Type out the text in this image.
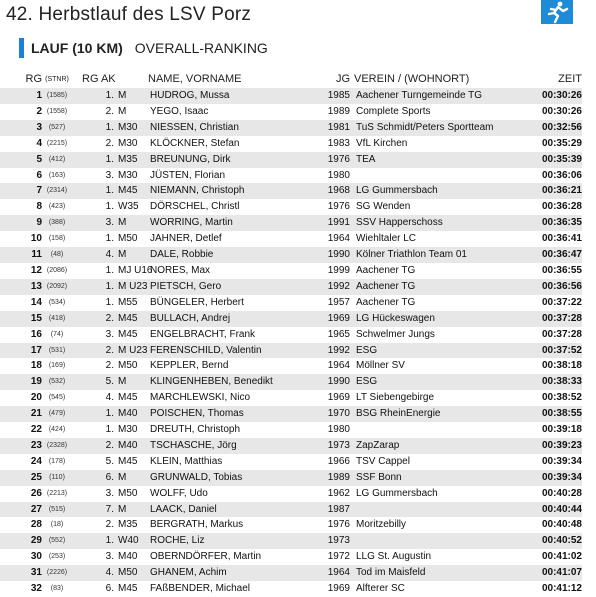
42. Herbstlauf des LSV Porz
LAUF (10 KM) OVERALL-RANKING
RG	(STNR)	RG AK		NAME, VORNAME	JG	VEREIN / (WOHNORT)	ZEIT
1	(1585)	1.	M	HUDROG, Mussa	1985	Aachener Turngemeinde TG	00:30:26
2	(1558)	2.	M	YEGO, Isaac	1989	Complete Sports	00:30:26
3	(527)	1.	M30	NIESSEN, Christian	1981	TuS Schmidt/Peters Sportteam	00:32:56
4	(2215)	2.	M30	KLÖCKNER, Stefan	1983	VfL Kirchen	00:35:29
5	(412)	1.	M35	BREUNUNG, Dirk	1976	TEA	00:35:39
6	(163)	3.	M30	JÜSTEN, Florian	1980		00:36:06
7	(2314)	1.	M45	NIEMANN, Christoph	1968	LG Gummersbach	00:36:21
8	(423)	1.	W35	DÖRSCHEL, Christl	1976	SG Wenden	00:36:28
9	(388)	3.	M	WORRING, Martin	1991	SSV Happerschoss	00:36:35
10	(158)	1.	M50	JAHNER, Detlef	1964	Wiehltaler LC	00:36:41
11	(48)	4.	M	DALE, Robbie	1990	Kölner Triathlon Team 01	00:36:47
12	(2086)	1.	MJ U16	NORES, Max	1999	Aachener TG	00:36:55
13	(2092)	1.	M U23	PIETSCH, Gero	1992	Aachener TG	00:36:56
14	(534)	1.	M55	BÜNGELER, Herbert	1957	Aachener TG	00:37:22
15	(418)	2.	M45	BULLACH, Andrej	1969	LG Hückeswagen	00:37:28
16	(74)	3.	M45	ENGELBRACHT, Frank	1965	Schwelmer Jungs	00:37:28
17	(531)	2.	M U23	FERENSCHILD, Valentin	1992	ESG	00:37:52
18	(169)	2.	M50	KEPPLER, Bernd	1964	Möllner SV	00:38:18
19	(532)	5.	M	KLINGENHEBEN, Benedikt	1990	ESG	00:38:33
20	(545)	4.	M45	MARCHLEWSKI, Nico	1969	LT Siebengebirge	00:38:52
21	(479)	1.	M40	POISCHEN, Thomas	1970	BSG RheinEnergie	00:38:55
22	(424)	1.	M30	DREUTH, Christoph	1980		00:39:18
23	(2328)	2.	M40	TSCHASCHE, Jörg	1973	ZapZarap	00:39:23
24	(178)	5.	M45	KLEIN, Matthias	1966	TSV Cappel	00:39:34
25	(110)	6.	M	GRUNWALD, Tobias	1989	SSF Bonn	00:39:34
26	(2213)	3.	M50	WOLFF, Udo	1962	LG Gummersbach	00:40:28
27	(515)	7.	M	LAACK, Daniel	1987		00:40:44
28	(18)	2.	M35	BERGRATH, Markus	1976	Moritzebilly	00:40:48
29	(552)	1.	W40	ROCHE, Liz	1973		00:40:52
30	(253)	3.	M40	OBERNDÖRFER, Martin	1972	LLG St. Augustin	00:41:02
31	(2226)	4.	M50	GHANEM, Achim	1964	Tod im Maisfeld	00:41:07
32	(83)	6.	M45	FAßBENDER, Michael	1969	Alfterer SC	00:41:12
